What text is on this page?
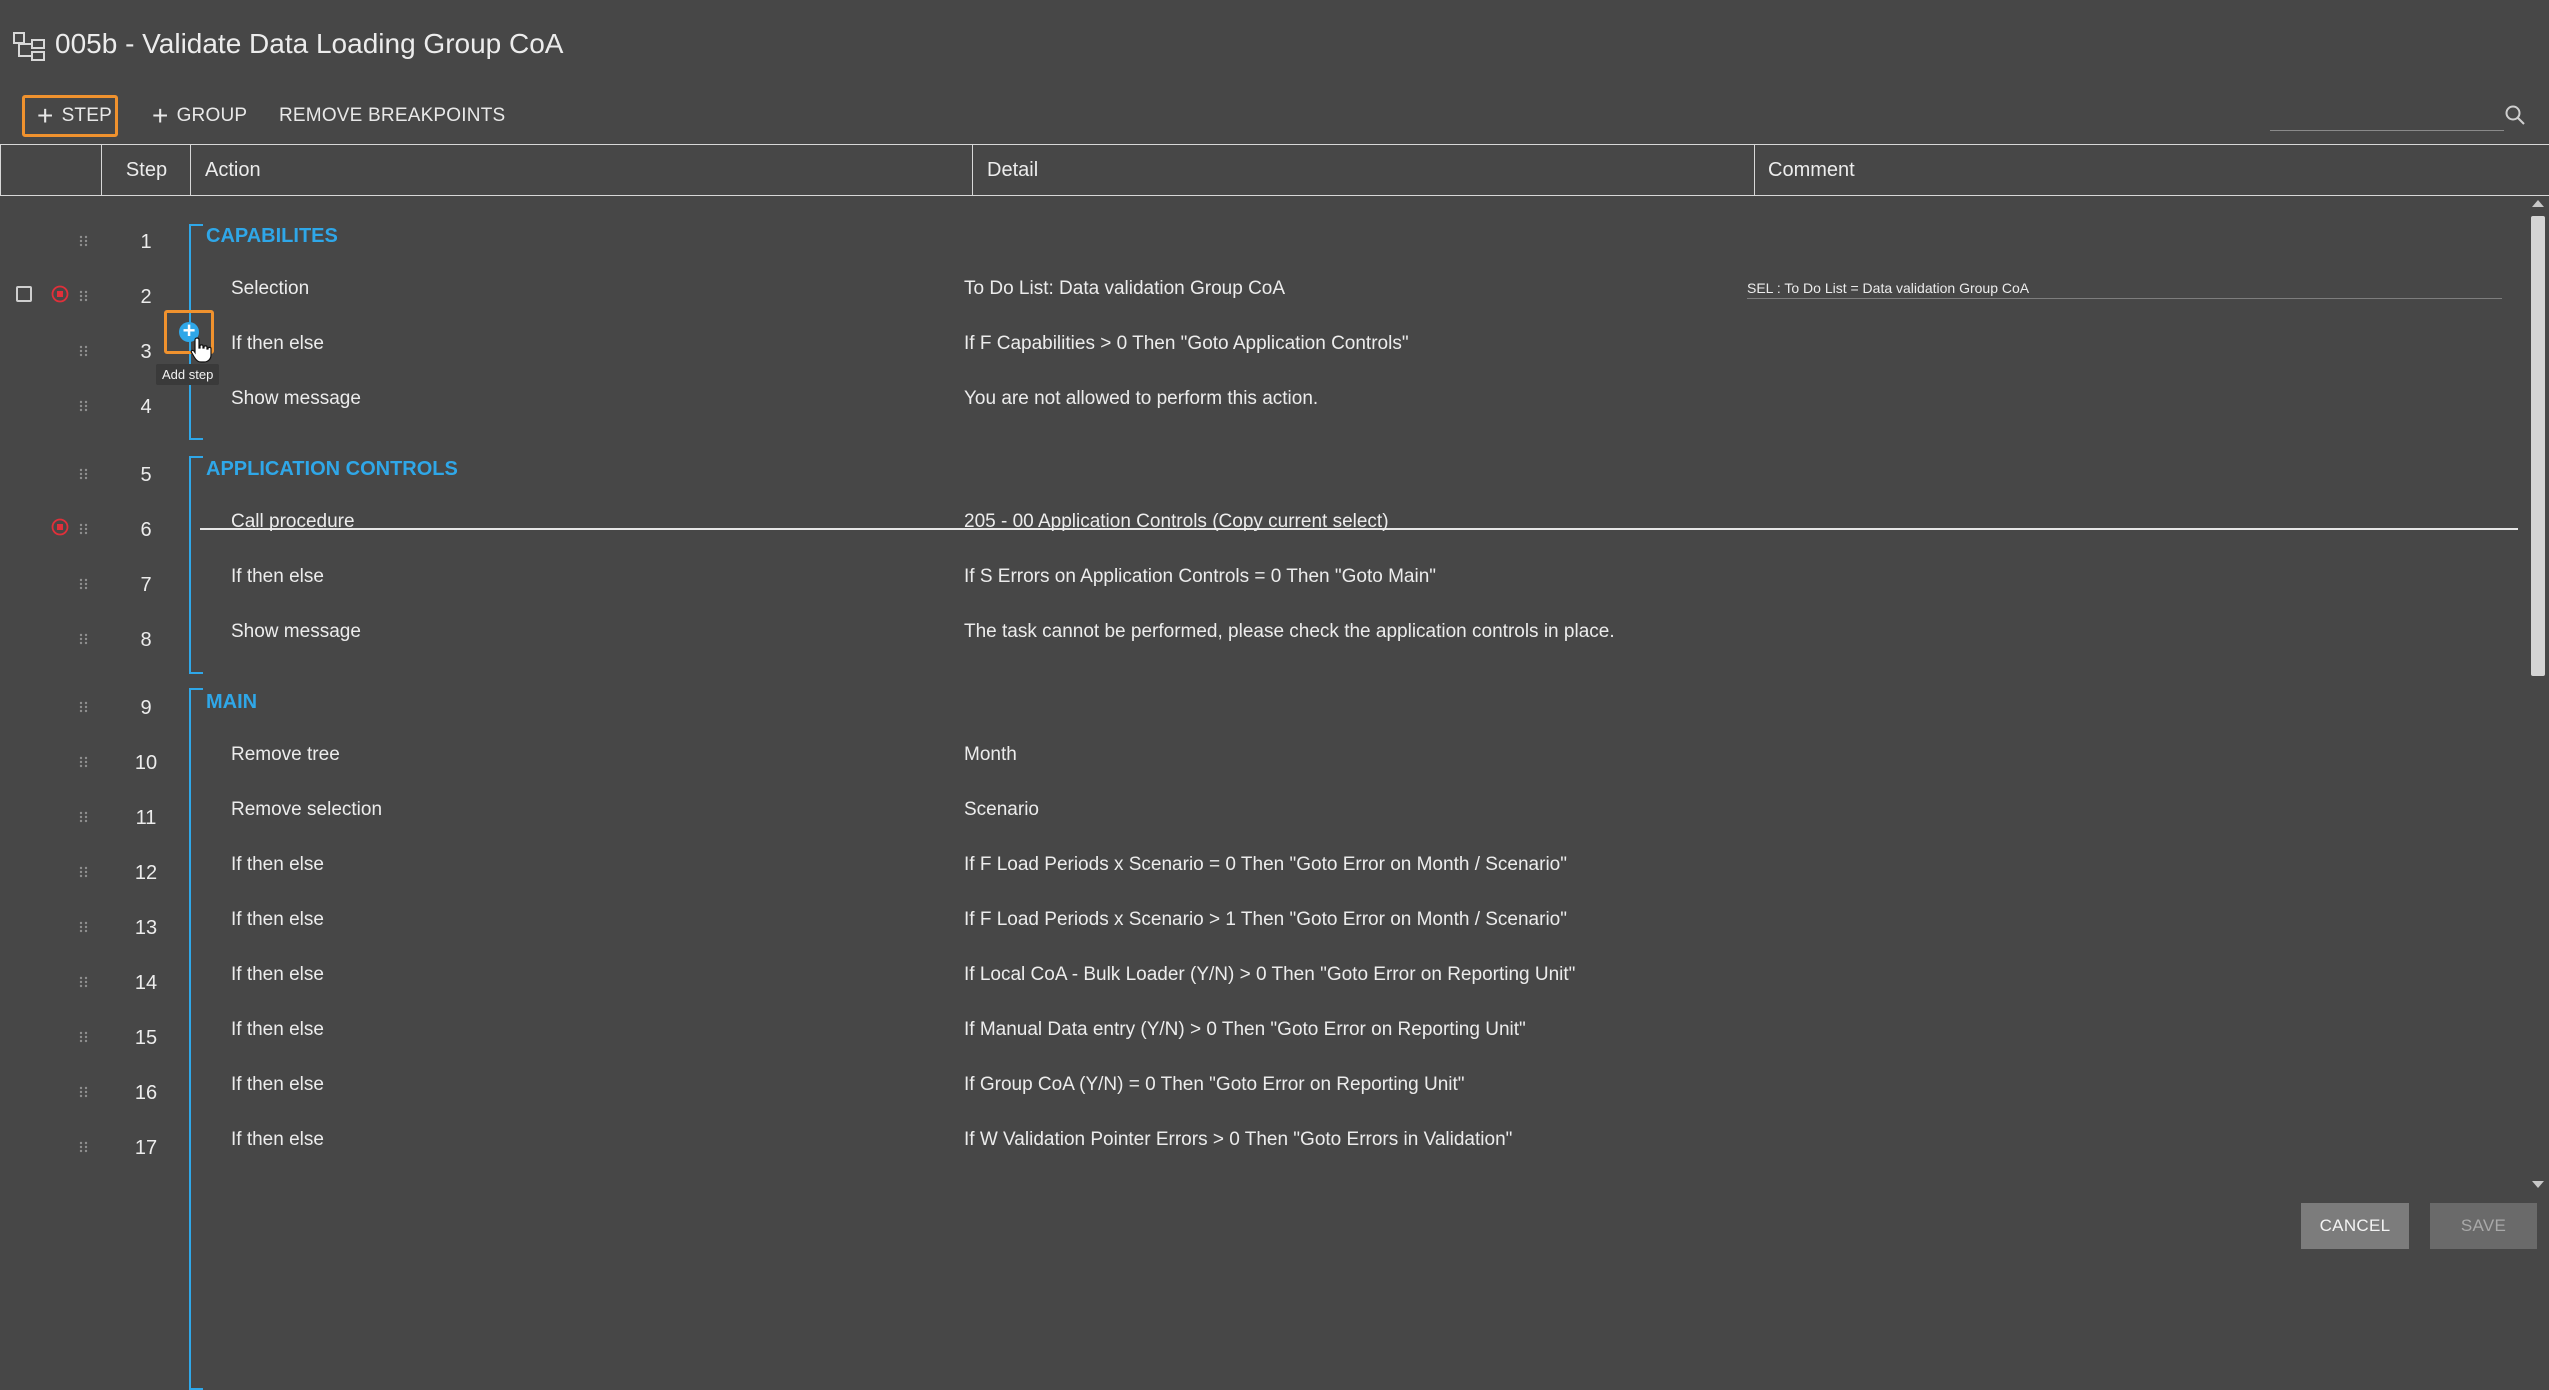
005b - Validate Data Loading Group CoA
+ STEP + GROUP REMOVE BREAKPOINTS
Step	Action	Detail	Comment
1	CAPABILITES
2	Selection	To Do List: Data validation Group CoA	SEL : To Do List = Data validation Group CoA
3	If then else	If F Capabilities > 0 Then "Goto Application Controls"
4	Show message	You are not allowed to perform this action.
5	APPLICATION CONTROLS
6	Call procedure	205 - 00 Application Controls (Copy current select)
7	If then else	If S Errors on Application Controls = 0 Then "Goto Main"
8	Show message	The task cannot be performed, please check the application controls in place.
9	MAIN
10	Remove tree	Month
11	Remove selection	Scenario
12	If then else	If F Load Periods x Scenario = 0 Then "Goto Error on Month / Scenario"
13	If then else	If F Load Periods x Scenario > 1 Then "Goto Error on Month / Scenario"
14	If then else	If Local CoA - Bulk Loader (Y/N) > 0 Then "Goto Error on Reporting Unit"
15	If then else	If Manual Data entry (Y/N) > 0 Then "Goto Error on Reporting Unit"
16	If then else	If Group CoA (Y/N) = 0 Then "Goto Error on Reporting Unit"
17	If then else	If W Validation Pointer Errors > 0 Then "Goto Errors in Validation"
+
Add step
CANCEL	SAVE
